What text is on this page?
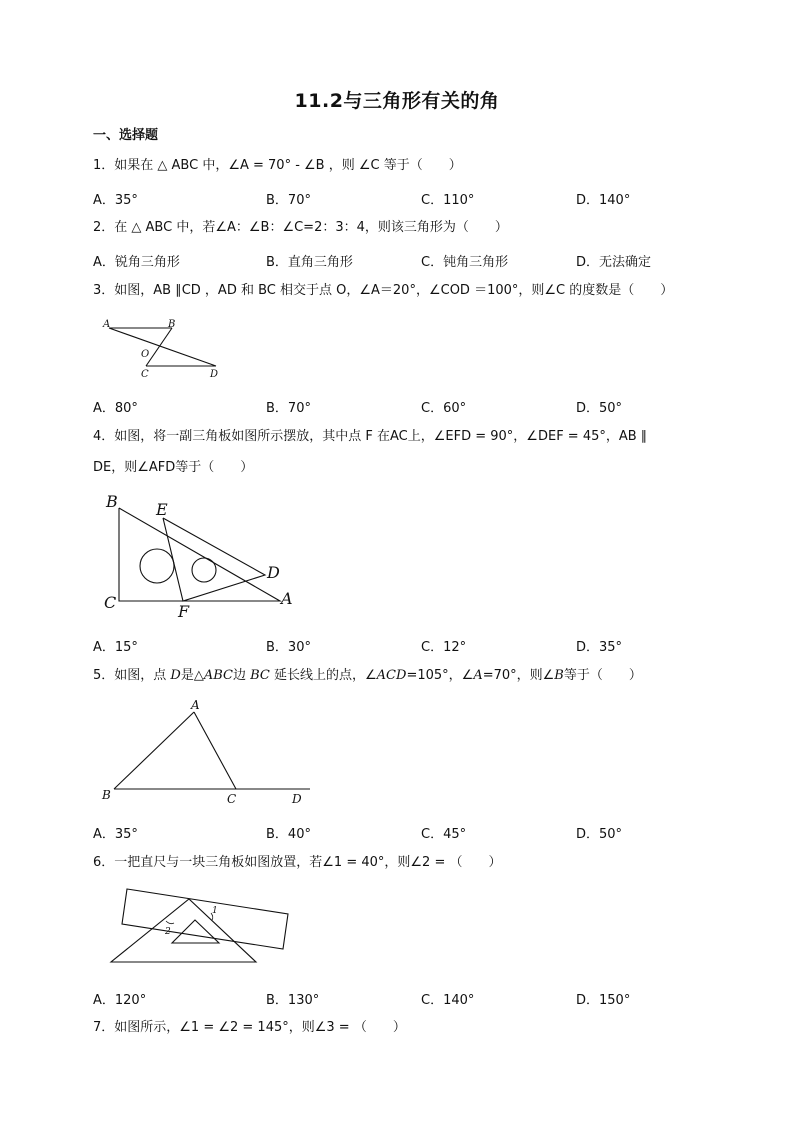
11.2与三角形有关的角
一、选择题
1．如果在 △ ABC 中，∠A = 70° - ∠B ，则 ∠C 等于（　　）
A．35°	B．70°	C．110°	D．140°
2．在 △ ABC 中，若∠A：∠B：∠C=2：3：4，则该三角形为（　　）
A．锐角三角形	B．直角三角形	C．钝角三角形	D．无法确定
3．如图，AB ∥CD ，AD 和 BC 相交于点 O，∠A＝20°，∠COD ＝100°，则∠C 的度数是（　　）
A	B
O
C	D
A．80°	B．70°	C．60°	D．50°
4．如图，将一副三角板如图所示摆放，其中点 F 在AC上，∠EFD = 90°，∠DEF = 45°，AB ∥
DE，则∠AFD等于（　　）
B E
D
C	F
A
A．15°	B．30°	C．12°	D．35°
5．如图，点 D是△ABC边 BC 延长线上的点，∠ACD=105°，∠A=70°，则∠B等于（　　）
A
B	C	D
A．35°	B．40°	C．45°	D．50°
6．一把直尺与一块三角板如图放置，若∠1 = 40°，则∠2 = （　　）
1
2
A．120°	B．130°	C．140°	D．150°
7．如图所示，∠1 = ∠2 = 145°，则∠3 = （　　）
